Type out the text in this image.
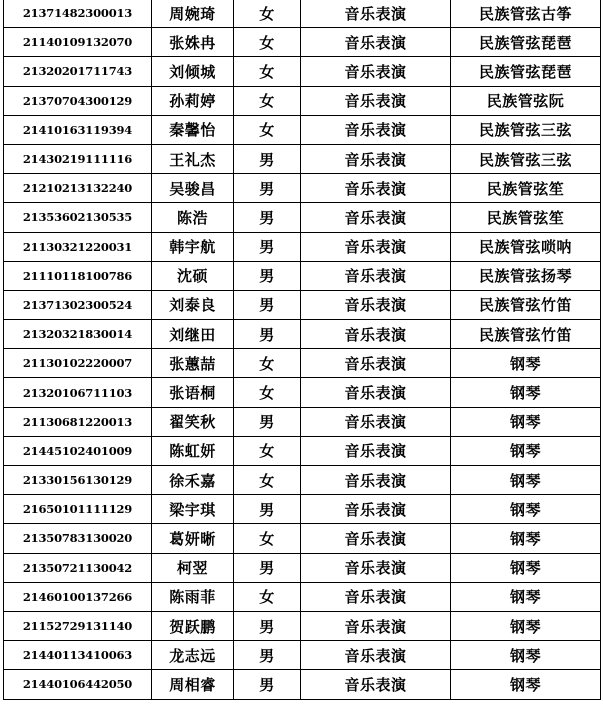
21371482300013	周婉琦	女	音乐表演	民族管弦古筝
21140109132070	张姝冉	女	音乐表演	民族管弦琵琶
21320201711743	刘倾城	女	音乐表演	民族管弦琵琶
21370704300129	孙莉婷	女	音乐表演	民族管弦阮
21410163119394	秦馨怡	女	音乐表演	民族管弦三弦
21430219111116	王礼杰	男	音乐表演	民族管弦三弦
21210213132240	吴骏昌	男	音乐表演	民族管弦笙
21353602130535	陈浩	男	音乐表演	民族管弦笙
21130321220031	韩宇航	男	音乐表演	民族管弦唢呐
21110118100786	沈硕	男	音乐表演	民族管弦扬琴
21371302300524	刘泰良	男	音乐表演	民族管弦竹笛
21320321830014	刘继田	男	音乐表演	民族管弦竹笛
21130102220007	张蕙喆	女	音乐表演	钢琴
21320106711103	张语桐	女	音乐表演	钢琴
21130681220013	翟笑秋	男	音乐表演	钢琴
21445102401009	陈虹妍	女	音乐表演	钢琴
21330156130129	徐禾嘉	女	音乐表演	钢琴
21650101111129	梁宇琪	男	音乐表演	钢琴
21350783130020	葛妍晰	女	音乐表演	钢琴
21350721130042	柯翌	男	音乐表演	钢琴
21460100137266	陈雨菲	女	音乐表演	钢琴
21152729131140	贺跃鹏	男	音乐表演	钢琴
21440113410063	龙志远	男	音乐表演	钢琴
21440106442050	周相睿	男	音乐表演	钢琴
